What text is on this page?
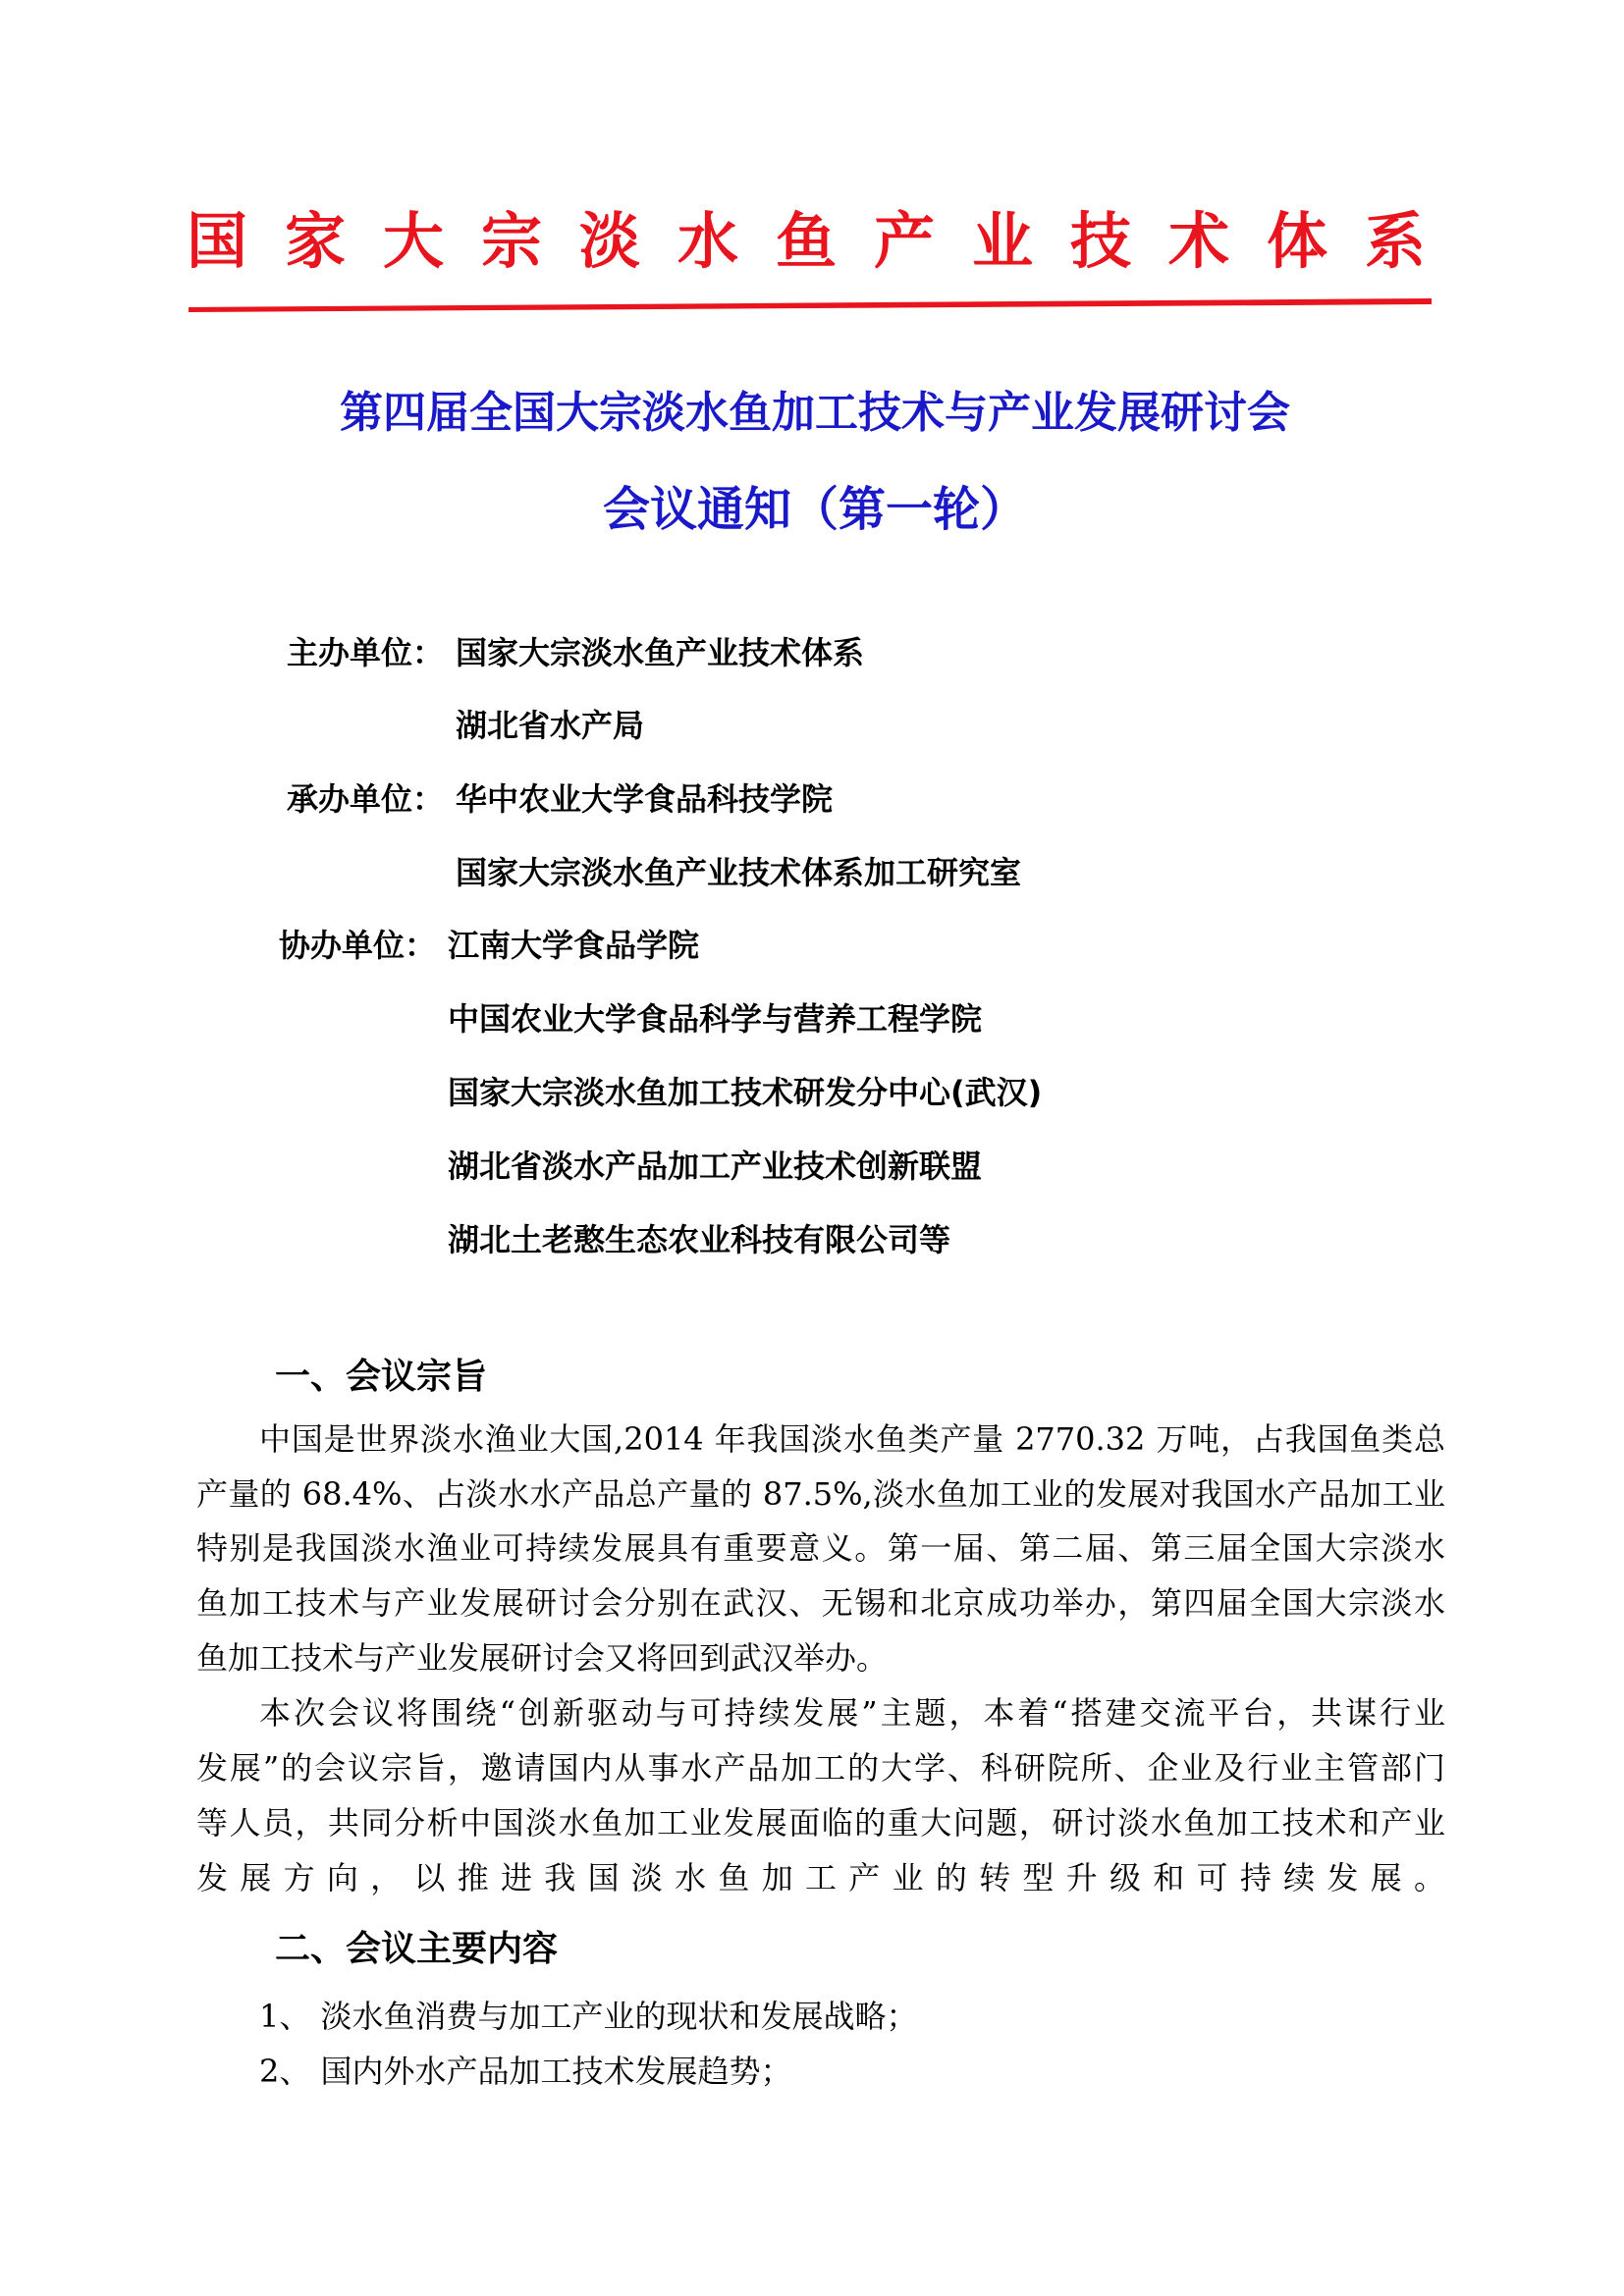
国家大宗淡水鱼产业技术体系
第四届全国大宗淡水鱼加工技术与产业发展研讨会
会议通知（第一轮）
主办单位： 国家大宗淡水鱼产业技术体系
湖北省水产局
承办单位： 华中农业大学食品科技学院
国家大宗淡水鱼产业技术体系加工研究室
协办单位： 江南大学食品学院
中国农业大学食品科学与营养工程学院
国家大宗淡水鱼加工技术研发分中心(武汉)
湖北省淡水产品加工产业技术创新联盟
湖北土老憨生态农业科技有限公司等
一、会议宗旨
中国是世界淡水渔业大国,2014 年我国淡水鱼类产量 2770.32 万吨，占我国鱼类总
产量的 68.4%、占淡水水产品总产量的 87.5%,淡水鱼加工业的发展对我国水产品加工业
特别是我国淡水渔业可持续发展具有重要意义。第一届、第二届、第三届全国大宗淡水
鱼加工技术与产业发展研讨会分别在武汉、无锡和北京成功举办，第四届全国大宗淡水
鱼加工技术与产业发展研讨会又将回到武汉举办。
本次会议将围绕“创新驱动与可持续发展”主题，本着“搭建交流平台，共谋行业
发展”的会议宗旨，邀请国内从事水产品加工的大学、科研院所、企业及行业主管部门
等人员，共同分析中国淡水鱼加工业发展面临的重大问题，研讨淡水鱼加工技术和产业
发展方向，以推进我国淡水鱼加工产业的转型升级和可持续发展。
二、会议主要内容
1、 淡水鱼消费与加工产业的现状和发展战略；
2、 国内外水产品加工技术发展趋势；
